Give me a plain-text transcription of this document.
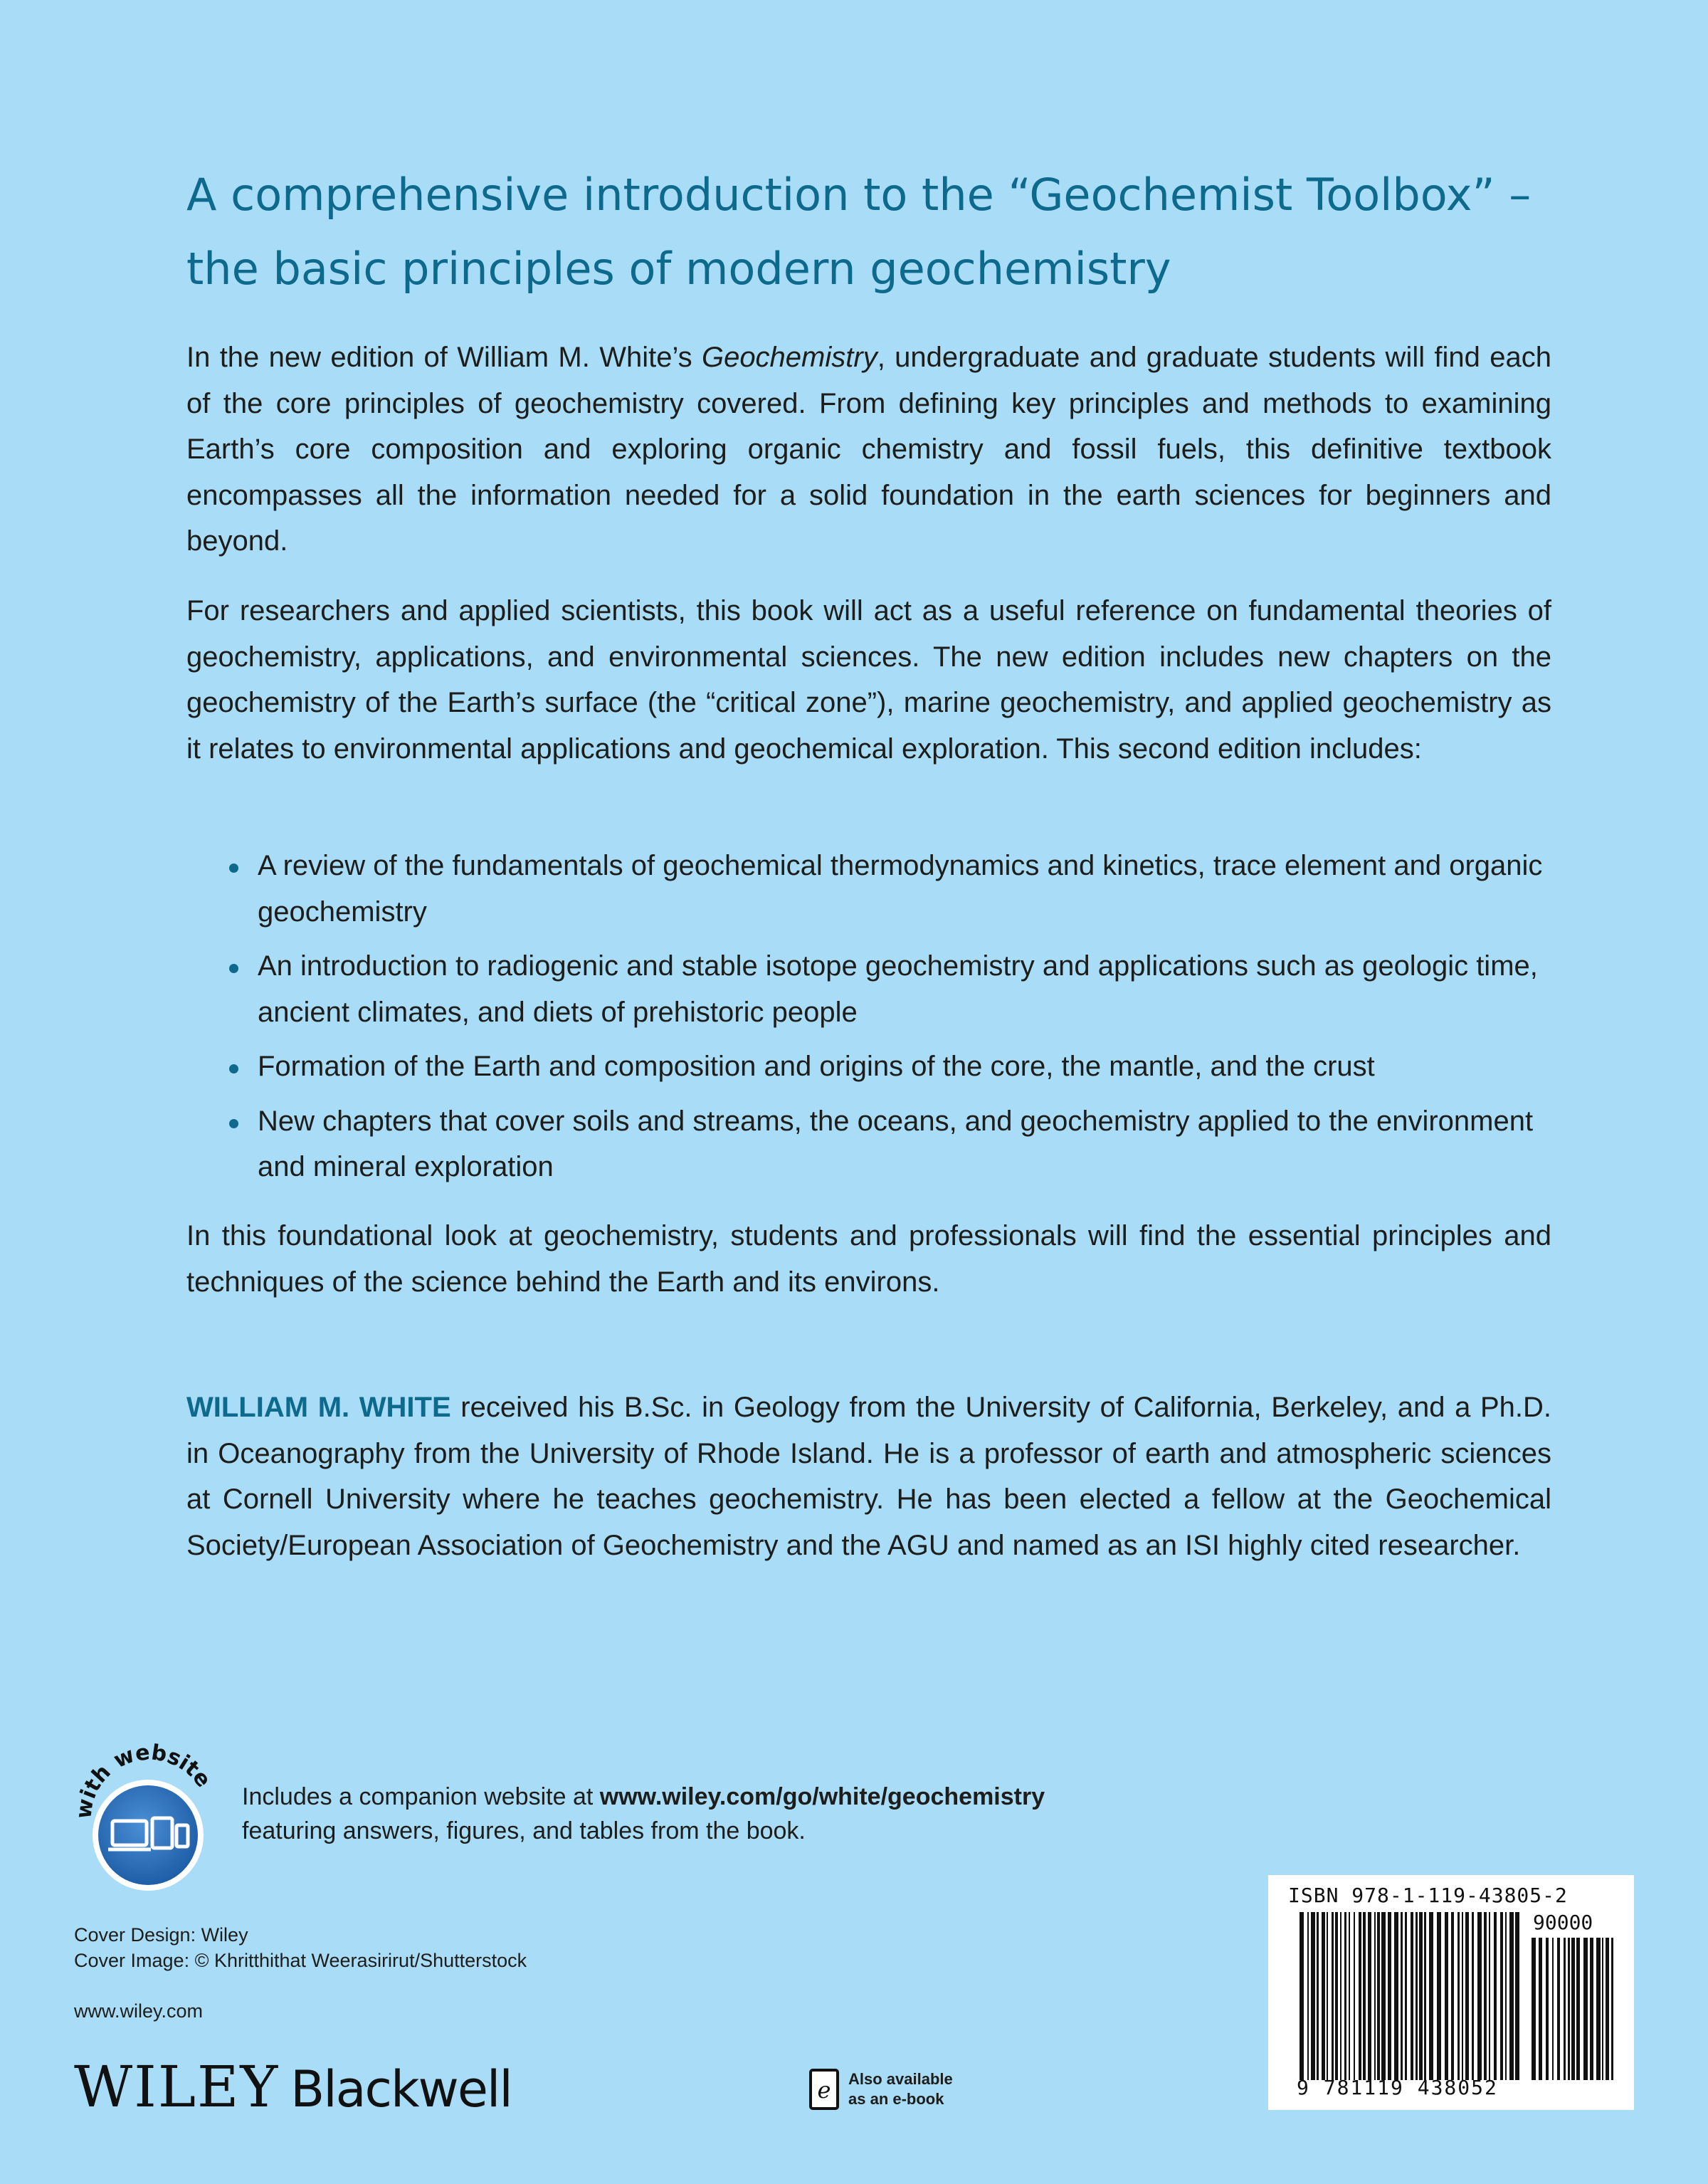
A comprehensive introduction to the “Geochemist Toolbox” –
the basic principles of modern geochemistry

In the new edition of William M. White’s Geochemistry, undergraduate and graduate students will find each of the core principles of geochemistry covered. From defining key principles and methods to examining Earth’s core composition and exploring organic chemistry and fossil fuels, this definitive textbook encompasses all the information needed for a solid foundation in the earth sciences for beginners and beyond.

For researchers and applied scientists, this book will act as a useful reference on fundamental theories of geochemistry, applications, and environmental sciences. The new edition includes new chapters on the geochemistry of the Earth’s surface (the “critical zone”), marine geochemistry, and applied geochemistry as it relates to environmental applications and geochemical exploration. This second edition includes:

A review of the fundamentals of geochemical thermodynamics and kinetics, trace element and organic geochemistry
An introduction to radiogenic and stable isotope geochemistry and applications such as geologic time, ancient climates, and diets of prehistoric people
Formation of the Earth and composition and origins of the core, the mantle, and the crust
New chapters that cover soils and streams, the oceans, and geochemistry applied to the environment and mineral exploration

In this foundational look at geochemistry, students and professionals will find the essential principles and techniques of the science behind the Earth and its environs.

WILLIAM M. WHITE received his B.Sc. in Geology from the University of California, Berkeley, and a Ph.D. in Oceanography from the University of Rhode Island. He is a professor of earth and atmospheric sciences at Cornell University where he teaches geochemistry. He has been elected a fellow at the Geochemical Society/European Association of Geochemistry and the AGU and named as an ISI highly cited researcher.

with website
Includes a companion website at www.wiley.com/go/white/geochemistry
featuring answers, figures, and tables from the book.
Cover Design: Wiley
Cover Image: © Khritthithat Weerasirirut/Shutterstock
www.wiley.com
WILEY Blackwell	e Also available
as an e-book
ISBN 978-1-119-43805-2
90000
9 781119 438052
